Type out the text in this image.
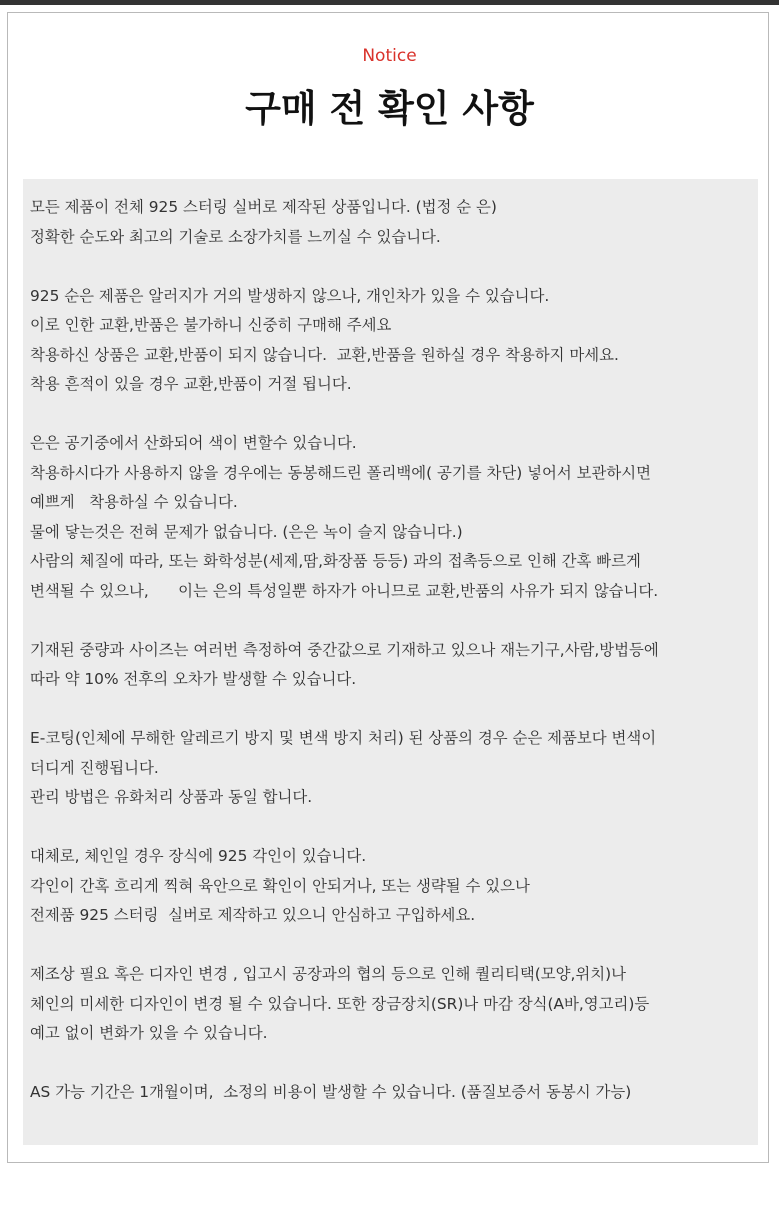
Notice
구매 전 확인 사항
모든 제품이 전체 925 스터링 실버로 제작된 상품입니다. (법정 순 은)
정확한 순도와 최고의 기술로 소장가치를 느끼실 수 있습니다.
925 순은 제품은 알러지가 거의 발생하지 않으나, 개인차가 있을 수 있습니다.
이로 인한 교환,반품은 불가하니 신중히 구매해 주세요
착용하신 상품은 교환,반품이 되지 않습니다.  교환,반품을 원하실 경우 착용하지 마세요.
착용 흔적이 있을 경우 교환,반품이 거절 됩니다.
은은 공기중에서 산화되어 색이 변할수 있습니다.
착용하시다가 사용하지 않을 경우에는 동봉해드린 폴리백에( 공기를 차단) 넣어서 보관하시면
예쁘게   착용하실 수 있습니다.
물에 닿는것은 전혀 문제가 없습니다. (은은 녹이 슬지 않습니다.)
사람의 체질에 따라, 또는 화학성분(세제,땀,화장품 등등) 과의 접촉등으로 인해 간혹 빠르게
변색될 수 있으나,      이는 은의 특성일뿐 하자가 아니므로 교환,반품의 사유가 되지 않습니다.
기재된 중량과 사이즈는 여러번 측정하여 중간값으로 기재하고 있으나 재는기구,사람,방법등에
따라 약 10% 전후의 오차가 발생할 수 있습니다.
E-코팅(인체에 무해한 알레르기 방지 및 변색 방지 처리) 된 상품의 경우 순은 제품보다 변색이
더디게 진행됩니다.
관리 방법은 유화처리 상품과 동일 합니다.
대체로, 체인일 경우 장식에 925 각인이 있습니다.
각인이 간혹 흐리게 찍혀 육안으로 확인이 안되거나, 또는 생략될 수 있으나
전제품 925 스터링  실버로 제작하고 있으니 안심하고 구입하세요.
제조상 필요 혹은 디자인 변경 , 입고시 공장과의 협의 등으로 인해 퀄리티택(모양,위치)나
체인의 미세한 디자인이 변경 될 수 있습니다. 또한 장금장치(SR)나 마감 장식(A바,영고리)등
예고 없이 변화가 있을 수 있습니다.
AS 가능 기간은 1개월이며,  소정의 비용이 발생할 수 있습니다. (품질보증서 동봉시 가능)
